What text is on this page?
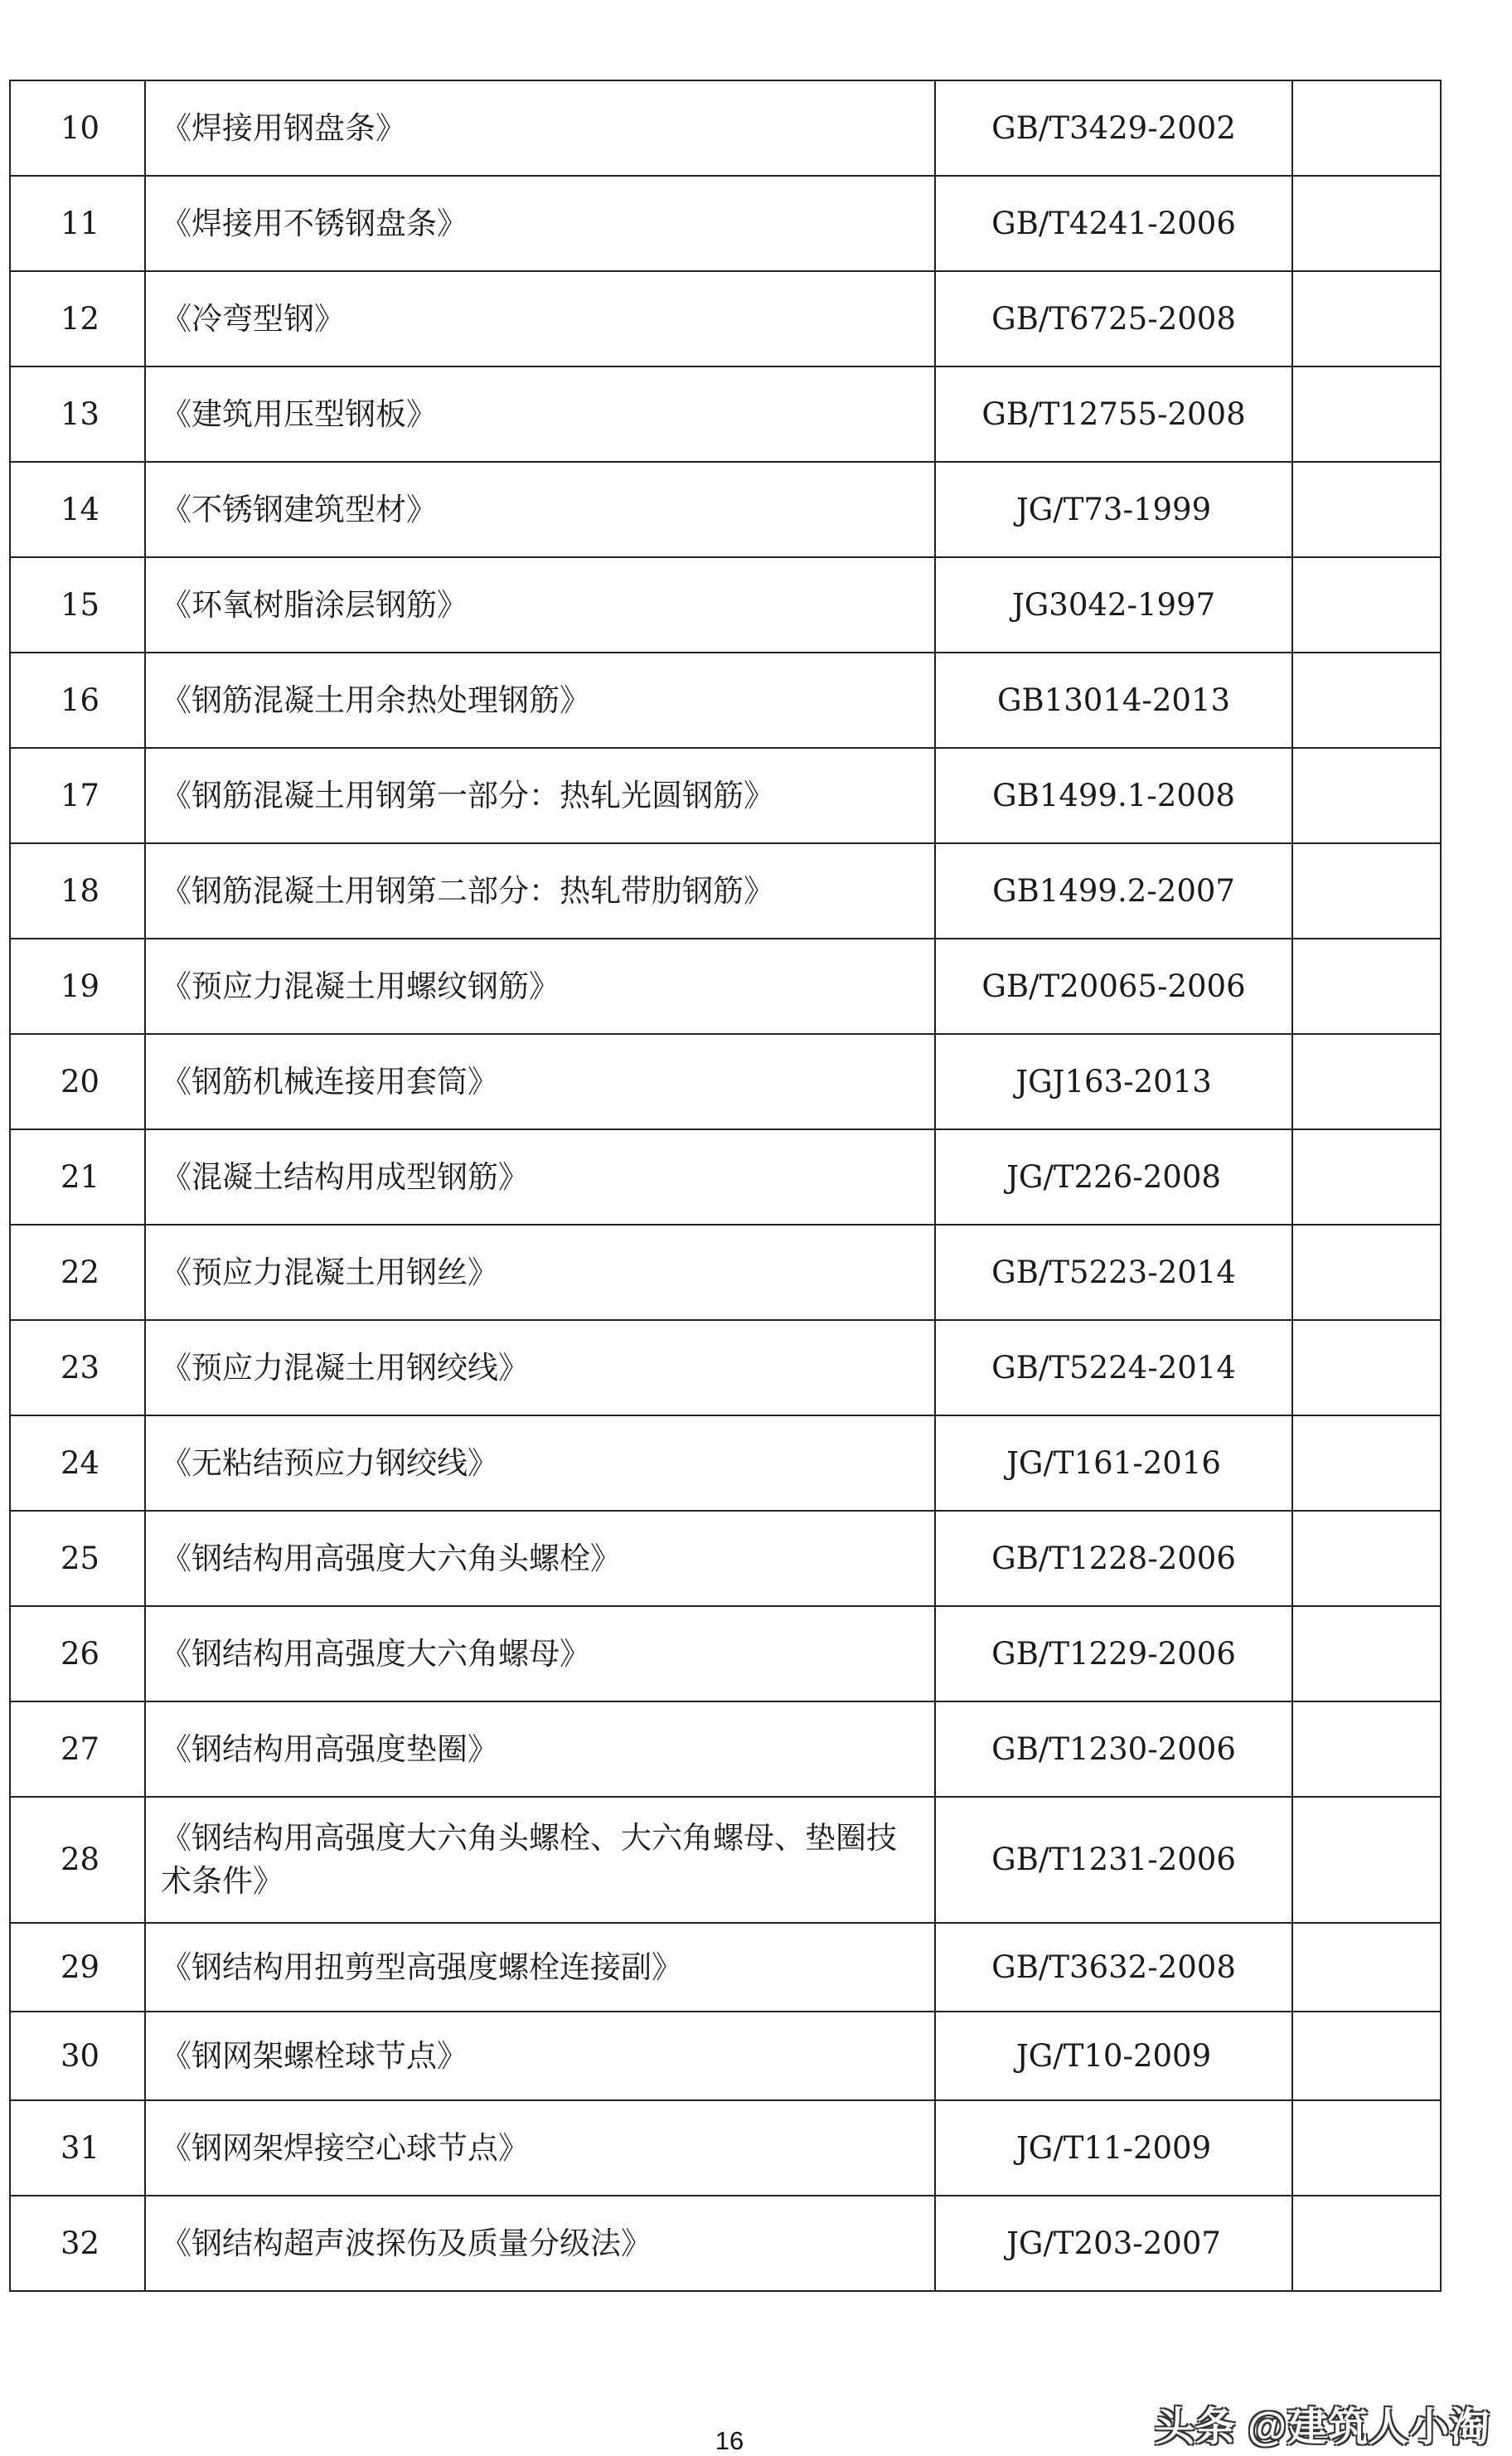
10	《焊接用钢盘条》	GB/T3429-2002	
11	《焊接用不锈钢盘条》	GB/T4241-2006	
12	《冷弯型钢》	GB/T6725-2008	
13	《建筑用压型钢板》	GB/T12755-2008	
14	《不锈钢建筑型材》	JG/T73-1999	
15	《环氧树脂涂层钢筋》	JG3042-1997	
16	《钢筋混凝土用余热处理钢筋》	GB13014-2013	
17	《钢筋混凝土用钢第一部分：热轧光圆钢筋》	GB1499.1-2008	
18	《钢筋混凝土用钢第二部分：热轧带肋钢筋》	GB1499.2-2007	
19	《预应力混凝土用螺纹钢筋》	GB/T20065-2006	
20	《钢筋机械连接用套筒》	JGJ163-2013	
21	《混凝土结构用成型钢筋》	JG/T226-2008	
22	《预应力混凝土用钢丝》	GB/T5223-2014	
23	《预应力混凝土用钢绞线》	GB/T5224-2014	
24	《无粘结预应力钢绞线》	JG/T161-2016	
25	《钢结构用高强度大六角头螺栓》	GB/T1228-2006	
26	《钢结构用高强度大六角螺母》	GB/T1229-2006	
27	《钢结构用高强度垫圈》	GB/T1230-2006	
28	《钢结构用高强度大六角头螺栓、大六角螺母、垫圈技术条件》	GB/T1231-2006	
29	《钢结构用扭剪型高强度螺栓连接副》	GB/T3632-2008	
30	《钢网架螺栓球节点》	JG/T10-2009	
31	《钢网架焊接空心球节点》	JG/T11-2009	
32	《钢结构超声波探伤及质量分级法》	JG/T203-2007	
16	头条 @建筑人小淘
